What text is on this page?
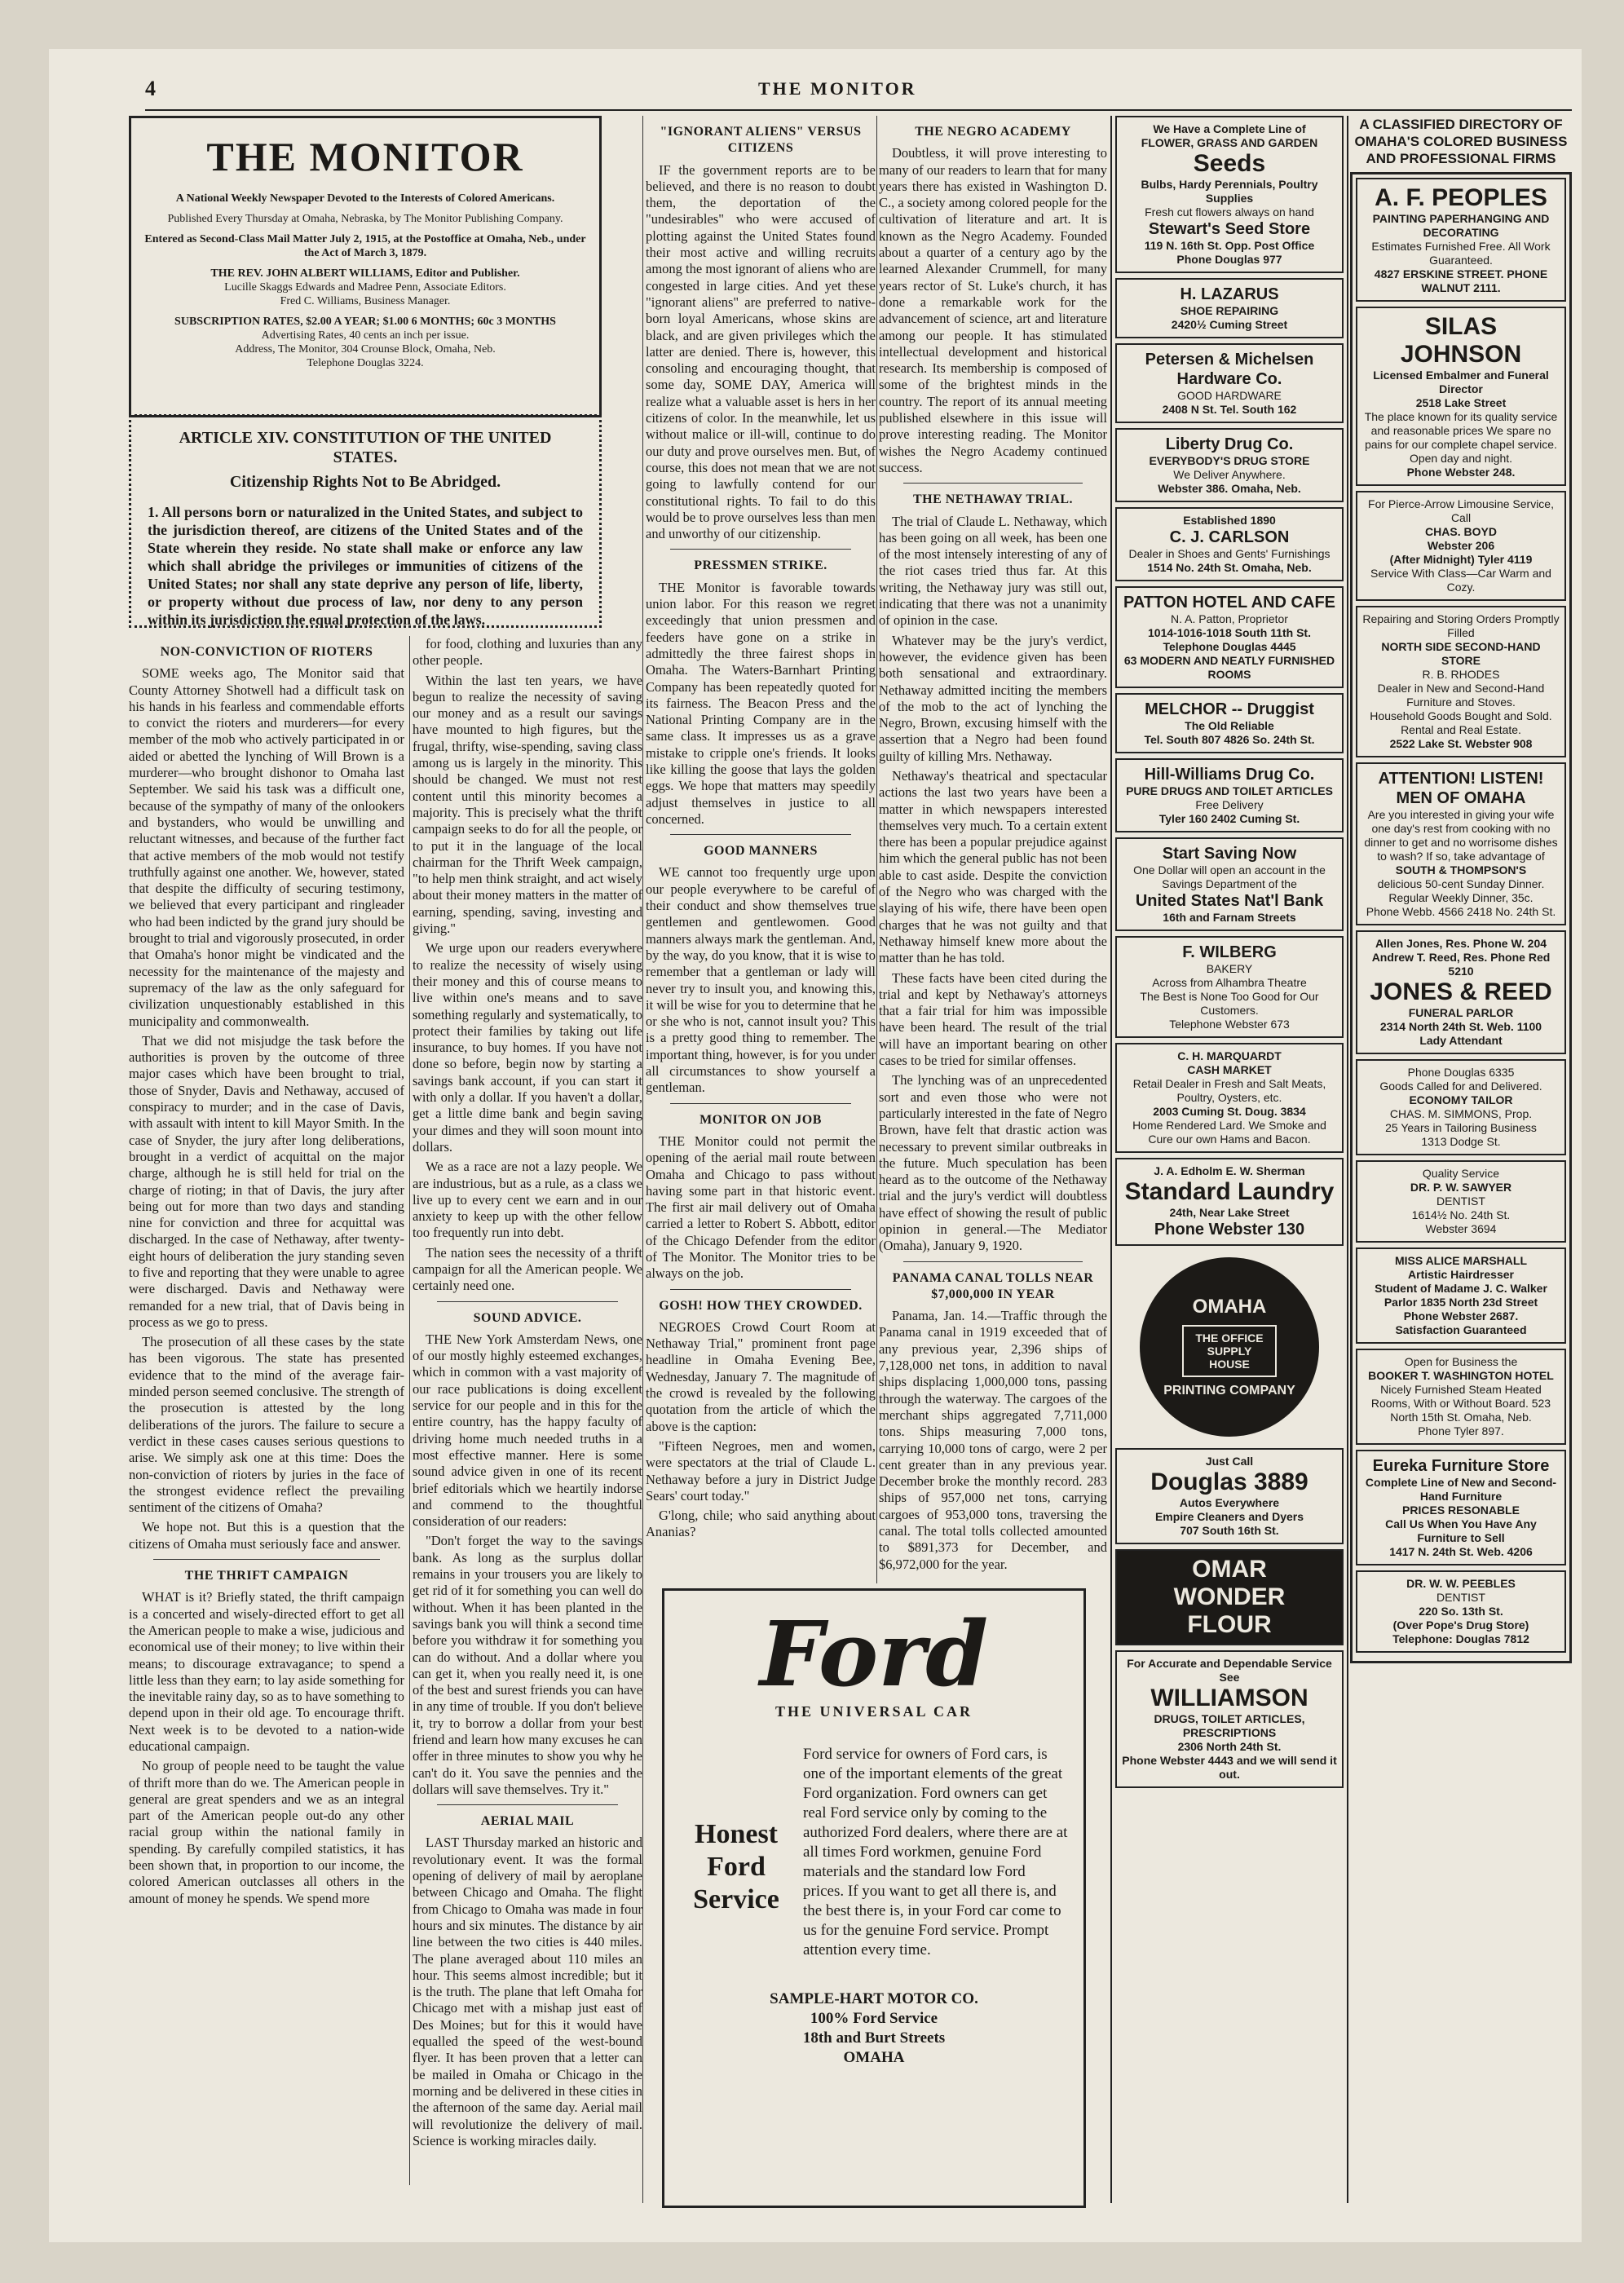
4	THE MONITOR
THE MONITOR
A National Weekly Newspaper Devoted to the Interests of Colored Americans.
Published Every Thursday at Omaha, Nebraska, by The Monitor Publishing Company.
Entered as Second-Class Mail Matter July 2, 1915, at the Postoffice at Omaha, Neb., under the Act of March 3, 1879.
THE REV. JOHN ALBERT WILLIAMS, Editor and Publisher.
Lucille Skaggs Edwards and Madree Penn, Associate Editors.
Fred C. Williams, Business Manager.
SUBSCRIPTION RATES, $2.00 A YEAR; $1.00 6 MONTHS; 60c 3 MONTHS
Advertising Rates, 40 cents an inch per issue.
Address, The Monitor, 304 Crounse Block, Omaha, Neb.
Telephone Douglas 3224.
ARTICLE XIV. CONSTITUTION OF THE UNITED STATES.
Citizenship Rights Not to Be Abridged.
1. All persons born or naturalized in the United States, and subject to the jurisdiction thereof, are citizens of the United States and of the State wherein they reside. No state shall make or enforce any law which shall abridge the privileges or immunities of citizens of the United States; nor shall any state deprive any person of life, liberty, or property without due process of law, nor deny to any person within its jurisdiction the equal protection of the laws.
NON-CONVICTION OF RIOTERS

SOME weeks ago, The Monitor said that County Attorney Shotwell had a difficult task on his hands in his fearless and commendable efforts to convict the rioters and murderers—for every member of the mob who actively participated in or aided or abetted the lynching of Will Brown is a murderer—who brought dishonor to Omaha last September. We said his task was a difficult one, because of the sympathy of many of the onlookers and bystanders, who would be unwilling and reluctant witnesses, and because of the further fact that active members of the mob would not testify truthfully against one another. We, however, stated that despite the difficulty of securing testimony, we believed that every participant and ringleader who had been indicted by the grand jury should be brought to trial and vigorously prosecuted, in order that Omaha's honor might be vindicated and the necessity for the maintenance of the majesty and supremacy of the law as the only safeguard for civilization unquestionably established in this municipality and commonwealth.

That we did not misjudge the task before the authorities is proven by the outcome of three major cases which have been brought to trial, those of Snyder, Davis and Nethaway, accused of conspiracy to murder; and in the case of Davis, with assault with intent to kill Mayor Smith. In the case of Snyder, the jury after long deliberations, brought in a verdict of acquittal on the major charge, although he is still held for trial on the charge of rioting; in that of Davis, the jury after being out for more than two days and standing nine for conviction and three for acquittal was discharged. In the case of Nethaway, after twenty-eight hours of deliberation the jury standing seven to five and reporting that they were unable to agree were discharged. Davis and Nethaway were remanded for a new trial, that of Davis being in process as we go to press.

The prosecution of all these cases by the state has been vigorous. The state has presented evidence that to the mind of the average fair-minded person seemed conclusive. The strength of the prosecution is attested by the long deliberations of the jurors. The failure to secure a verdict in these cases causes serious questions to arise. We simply ask one at this time: Does the non-conviction of rioters by juries in the face of the strongest evidence reflect the prevailing sentiment of the citizens of Omaha?

We hope not. But this is a question that the citizens of Omaha must seriously face and answer.

THE THRIFT CAMPAIGN

WHAT is it? Briefly stated, the thrift campaign is a concerted and wisely-directed effort to get all the American people to make a wise, judicious and economical use of their money; to live within their means; to discourage extravagance; to spend a little less than they earn; to lay aside something for the inevitable rainy day, so as to have something to depend upon in their old age. To encourage thrift. Next week is to be devoted to a nation-wide educational campaign.

No group of people need to be taught the value of thrift more than do we. The American people in general are great spenders and we as an integral part of the American people out-do any other racial group within the national family in spending. By carefully compiled statistics, it has been shown that, in proportion to our income, the colored American outclasses all others in the amount of money he spends. We spend more

for food, clothing and luxuries than any other people.

Within the last ten years, we have begun to realize the necessity of saving our money and as a result our savings have mounted to high figures, but the frugal, thrifty, wise-spending, saving class among us is largely in the minority. This should be changed. We must not rest content until this minority becomes a majority. This is precisely what the thrift campaign seeks to do for all the people, or to put it in the language of the local chairman for the Thrift Week campaign, "to help men think straight, and act wisely about their money matters in the matter of earning, spending, saving, investing and giving."

We urge upon our readers everywhere to realize the necessity of wisely using their money and this of course means to live within one's means and to save something regularly and systematically, to protect their families by taking out life insurance, to buy homes. If you have not done so before, begin now by starting a savings bank account, if you can start it with only a dollar. If you haven't a dollar, get a little dime bank and begin saving your dimes and they will soon mount into dollars.

We as a race are not a lazy people. We are industrious, but as a rule, as a class we live up to every cent we earn and in our anxiety to keep up with the other fellow too frequently run into debt.

The nation sees the necessity of a thrift campaign for all the American people. We certainly need one.

SOUND ADVICE.

THE New York Amsterdam News, one of our mostly highly esteemed exchanges, which in common with a vast majority of our race publications is doing excellent service for our people and in this for the entire country, has the happy faculty of driving home much needed truths in a most effective manner. Here is some sound advice given in one of its recent brief editorials which we heartily indorse and commend to the thoughtful consideration of our readers:

"Don't forget the way to the savings bank. As long as the surplus dollar remains in your trousers you are likely to get rid of it for something you can well do without. When it has been planted in the savings bank you will think a second time before you withdraw it for something you can do without. And a dollar where you can get it, when you really need it, is one of the best and surest friends you can have in any time of trouble. If you don't believe it, try to borrow a dollar from your best friend and learn how many excuses he can offer in three minutes to show you why he can't do it. You save the pennies and the dollars will save themselves. Try it."

AERIAL MAIL

LAST Thursday marked an historic and revolutionary event. It was the formal opening of delivery of mail by aeroplane between Chicago and Omaha. The flight from Chicago to Omaha was made in four hours and six minutes. The distance by air line between the two cities is 440 miles. The plane averaged about 110 miles an hour. This seems almost incredible; but it is the truth. The plane that left Omaha for Chicago met with a mishap just east of Des Moines; but for this it would have equalled the speed of the west-bound flyer. It has been proven that a letter can be mailed in Omaha or Chicago in the morning and be delivered in these cities in the afternoon of the same day. Aerial mail will revolutionize the delivery of mail. Science is working miracles daily.

"IGNORANT ALIENS" VERSUS CITIZENS

IF the government reports are to be believed, and there is no reason to doubt them, the deportation of the "undesirables" who were accused of plotting against the United States found their most active and willing recruits among the most ignorant of aliens who are congested in large cities. And yet these "ignorant aliens" are preferred to native-born loyal Americans, whose skins are black, and are given privileges which the latter are denied. There is, however, this consoling and encouraging thought, that some day, SOME DAY, America will realize what a valuable asset is hers in her citizens of color. In the meanwhile, let us without malice or ill-will, continue to do our duty and prove ourselves men. But, of course, this does not mean that we are not going to lawfully contend for our constitutional rights. To fail to do this would be to prove ourselves less than men and unworthy of our citizenship.

PRESSMEN STRIKE.

THE Monitor is favorable towards union labor. For this reason we regret exceedingly that union pressmen and feeders have gone on a strike in admittedly the three fairest shops in Omaha. The Waters-Barnhart Printing Company has been repeatedly quoted for its fairness. The Beacon Press and the National Printing Company are in the same class. It impresses us as a grave mistake to cripple one's friends. It looks like killing the goose that lays the golden eggs. We hope that matters may speedily adjust themselves in justice to all concerned.

GOOD MANNERS

WE cannot too frequently urge upon our people everywhere to be careful of their conduct and show themselves true gentlemen and gentlewomen. Good manners always mark the gentleman. And, by the way, do you know, that it is wise to remember that a gentleman or lady will never try to insult you, and knowing this, it will be wise for you to determine that he or she who is not, cannot insult you? This is a pretty good thing to remember. The important thing, however, is for you under all circumstances to show yourself a gentleman.

MONITOR ON JOB

THE Monitor could not permit the opening of the aerial mail route between Omaha and Chicago to pass without having some part in that historic event. The first air mail delivery out of Omaha carried a letter to Robert S. Abbott, editor of the Chicago Defender from the editor of The Monitor. The Monitor tries to be always on the job.

GOSH! HOW THEY CROWDED.

NEGROES Crowd Court Room at Nethaway Trial," prominent front page headline in Omaha Evening Bee, Wednesday, January 7. The magnitude of the crowd is revealed by the following quotation from the article of which the above is the caption:

"Fifteen Negroes, men and women, were spectators at the trial of Claude L. Nethaway before a jury in District Judge Sears' court today."

G'long, chile; who said anything about Ananias?

THE NEGRO ACADEMY

Doubtless, it will prove interesting to many of our readers to learn that for many years there has existed in Washington D. C., a society among colored people for the cultivation of literature and art. It is known as the Negro Academy. Founded about a quarter of a century ago by the learned Alexander Crummell, for many years rector of St. Luke's church, it has done a remarkable work for the advancement of science, art and literature among our people. It has stimulated intellectual development and historical research. Its membership is composed of some of the brightest minds in the country. The report of its annual meeting published elsewhere in this issue will prove interesting reading. The Monitor wishes the Negro Academy continued success.

THE NETHAWAY TRIAL.

The trial of Claude L. Nethaway, which has been going on all week, has been one of the most intensely interesting of any of the riot cases tried thus far. At this writing, the Nethaway jury was still out, indicating that there was not a unanimity of opinion in the case.

Whatever may be the jury's verdict, however, the evidence given has been both sensational and extraordinary. Nethaway admitted inciting the members of the mob to the act of lynching the Negro, Brown, excusing himself with the assertion that a Negro had been found guilty of killing Mrs. Nethaway.

Nethaway's theatrical and spectacular actions the last two years have been a matter in which newspapers interested themselves very much. To a certain extent there has been a popular prejudice against him which the general public has not been able to cast aside. Despite the conviction of the Negro who was charged with the slaying of his wife, there have been open charges that he was not guilty and that Nethaway himself knew more about the matter than he has told.

These facts have been cited during the trial and kept by Nethaway's attorneys that a fair trial for him was impossible have been heard. The result of the trial will have an important bearing on other cases to be tried for similar offenses.

The lynching was of an unprecedented sort and even those who were not particularly interested in the fate of Negro Brown, have felt that drastic action was necessary to prevent similar outbreaks in the future. Much speculation has been heard as to the outcome of the Nethaway trial and the jury's verdict will doubtless have effect of showing the result of public opinion in general.—The Mediator (Omaha), January 9, 1920.

PANAMA CANAL TOLLS NEAR $7,000,000 IN YEAR

Panama, Jan. 14.—Traffic through the Panama canal in 1919 exceeded that of any previous year, 2,396 ships of 7,128,000 net tons, in addition to naval ships displacing 1,000,000 tons, passing through the waterway. The cargoes of the merchant ships aggregated 7,711,000 tons. Ships measuring 7,000 tons, carrying 10,000 tons of cargo, were 2 per cent greater than in any previous year. December broke the monthly record. 283 ships of 957,000 net tons, carrying cargoes of 953,000 tons, traversing the canal. The total tolls collected amounted to $891,373 for December, and $6,972,000 for the year.

Ford
THE UNIVERSAL CAR
Honest Ford Service
Ford service for owners of Ford cars, is one of the important elements of the great Ford organization. Ford owners can get real Ford service only by coming to the authorized Ford dealers, where there are at all times Ford workmen, genuine Ford materials and the standard low Ford prices. If you want to get all there is, and the best there is, in your Ford car come to us for the genuine Ford service. Prompt attention every time.
SAMPLE-HART MOTOR CO.
100% Ford Service
18th and Burt Streets
OMAHA
We Have a Complete Line of
FLOWER, GRASS AND GARDEN
Seeds
Bulbs, Hardy Perennials, Poultry Supplies
Fresh cut flowers always on hand
Stewart's Seed Store
119 N. 16th St. Opp. Post Office
Phone Douglas 977
H. LAZARUS
SHOE REPAIRING
2420½ Cuming Street
Petersen & Michelsen
Hardware Co.
GOOD HARDWARE
2408 N St. Tel. South 162
Liberty Drug Co.
EVERYBODY'S DRUG STORE
We Deliver Anywhere.
Webster 386. Omaha, Neb.
Established 1890
C. J. CARLSON
Dealer in Shoes and Gents' Furnishings
1514 No. 24th St. Omaha, Neb.
PATTON HOTEL AND CAFE
N. A. Patton, Proprietor
1014-1016-1018 South 11th St.
Telephone Douglas 4445
63 MODERN AND NEATLY FURNISHED ROOMS
MELCHOR -- Druggist
The Old Reliable
Tel. South 807 4826 So. 24th St.
Hill-Williams Drug Co.
PURE DRUGS AND TOILET ARTICLES
Free Delivery
Tyler 160 2402 Cuming St.
Start Saving Now
One Dollar will open an account in the Savings Department of the
United States Nat'l Bank
16th and Farnam Streets
F. WILBERG
BAKERY
Across from Alhambra Theatre
The Best is None Too Good for Our Customers.
Telephone Webster 673
C. H. MARQUARDT
CASH MARKET
Retail Dealer in Fresh and Salt Meats, Poultry, Oysters, etc.
2003 Cuming St. Doug. 3834
Home Rendered Lard. We Smoke and Cure our own Hams and Bacon.
J. A. Edholm E. W. Sherman
Standard Laundry
24th, Near Lake Street
Phone Webster 130
OMAHA
THE OFFICE SUPPLY HOUSE
PRINTING COMPANY
Just Call
Douglas 3889
Autos Everywhere
Empire Cleaners and Dyers
707 South 16th St.
OMAR
WONDER
FLOUR
For Accurate and Dependable Service See
WILLIAMSON
DRUGS, TOILET ARTICLES, PRESCRIPTIONS
2306 North 24th St.
Phone Webster 4443 and we will send it out.
A CLASSIFIED DIRECTORY OF OMAHA'S COLORED BUSINESS AND PROFESSIONAL FIRMS
A. F. PEOPLES
PAINTING PAPERHANGING AND DECORATING
Estimates Furnished Free. All Work Guaranteed.
4827 ERSKINE STREET. PHONE WALNUT 2111.
SILAS JOHNSON
Licensed Embalmer and Funeral Director
2518 Lake Street
The place known for its quality service and reasonable prices We spare no pains for our complete chapel service. Open day and night.
Phone Webster 248.
For Pierce-Arrow Limousine Service, Call
CHAS. BOYD
Webster 206
(After Midnight) Tyler 4119
Service With Class—Car Warm and Cozy.
Repairing and Storing Orders Promptly Filled
NORTH SIDE SECOND-HAND STORE
R. B. RHODES
Dealer in New and Second-Hand Furniture and Stoves.
Household Goods Bought and Sold. Rental and Real Estate.
2522 Lake St. Webster 908
ATTENTION! LISTEN! MEN OF OMAHA
Are you interested in giving your wife one day's rest from cooking with no dinner to get and no worrisome dishes to wash? If so, take advantage of
SOUTH & THOMPSON'S
delicious 50-cent Sunday Dinner. Regular Weekly Dinner, 35c.
Phone Webb. 4566 2418 No. 24th St.
Allen Jones, Res. Phone W. 204
Andrew T. Reed, Res. Phone Red 5210
JONES & REED
FUNERAL PARLOR
2314 North 24th St. Web. 1100
Lady Attendant
Phone Douglas 6335
Goods Called for and Delivered.
ECONOMY TAILOR
CHAS. M. SIMMONS, Prop.
25 Years in Tailoring Business
1313 Dodge St.
Quality Service
DR. P. W. SAWYER
DENTIST
1614½ No. 24th St.
Webster 3694
MISS ALICE MARSHALL
Artistic Hairdresser
Student of Madame J. C. Walker
Parlor 1835 North 23d Street
Phone Webster 2687.
Satisfaction Guaranteed
Open for Business the
BOOKER T. WASHINGTON HOTEL
Nicely Furnished Steam Heated Rooms, With or Without Board. 523 North 15th St. Omaha, Neb.
Phone Tyler 897.
Eureka Furniture Store
Complete Line of New and Second-Hand Furniture
PRICES RESONABLE
Call Us When You Have Any Furniture to Sell
1417 N. 24th St. Web. 4206
DR. W. W. PEEBLES
DENTIST
220 So. 13th St.
(Over Pope's Drug Store)
Telephone: Douglas 7812
